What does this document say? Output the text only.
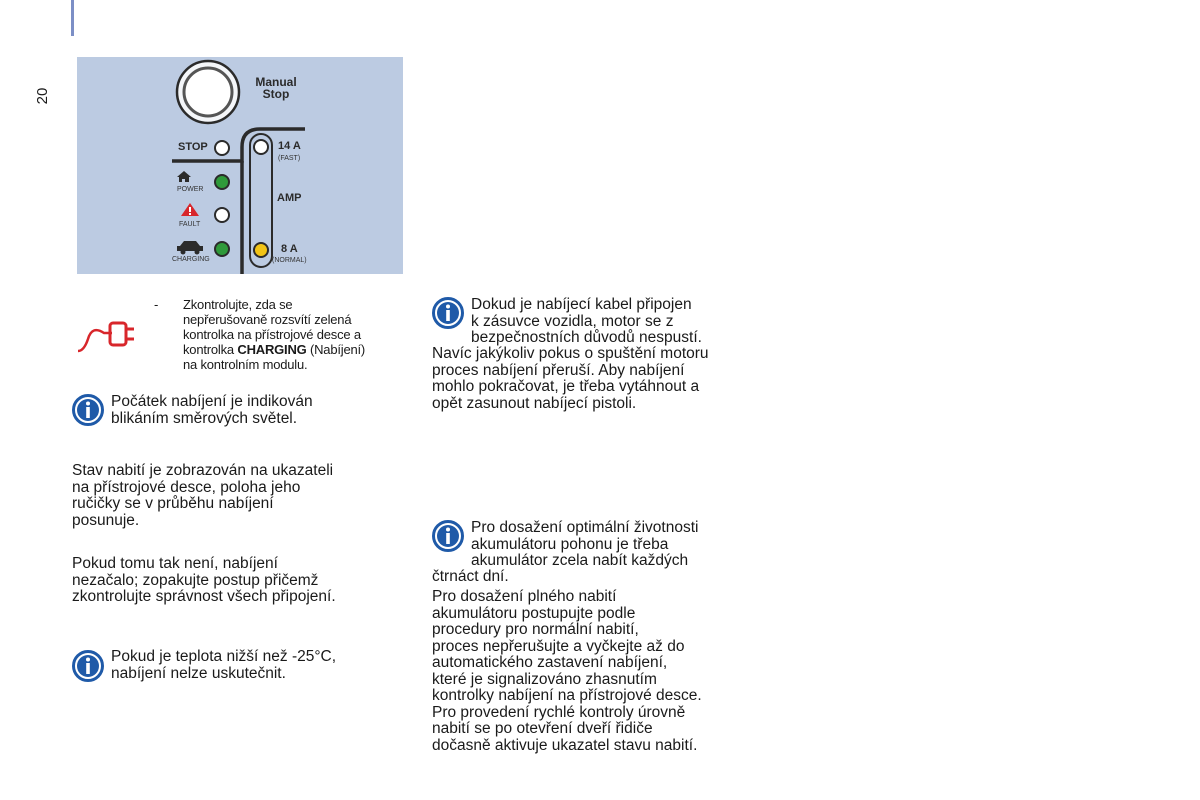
20
Manual
Stop
STOP
POWER
FAULT
CHARGING
14 A
(FAST)
AMP
8 A
(NORMAL)
- Zkontrolujte, zda se
nepřerušovaně rozsvítí zelená
kontrolka na přístrojové desce a
kontrolka CHARGING (Nabíjení)
na kontrolním modulu.
Počátek nabíjení je indikován
blikáním směrových světel.
Stav nabití je zobrazován na ukazateli
na přístrojové desce, poloha jeho
ručičky se v průběhu nabíjení
posunuje.
Pokud tomu tak není, nabíjení
nezačalo; zopakujte postup přičemž
zkontrolujte správnost všech připojení.
Pokud je teplota nižší než -25°C,
nabíjení nelze uskutečnit.
Dokud je nabíjecí kabel připojen
k zásuvce vozidla, motor se z
bezpečnostních důvodů nespustí.
Navíc jakýkoliv pokus o spuštění motoru
proces nabíjení přeruší. Aby nabíjení
mohlo pokračovat, je třeba vytáhnout a
opět zasunout nabíjecí pistoli.
Pro dosažení optimální životnosti
akumulátoru pohonu je třeba
akumulátor zcela nabít každých
čtrnáct dní.
Pro dosažení plného nabití
akumulátoru postupujte podle
procedury pro normální nabití,
proces nepřerušujte a vyčkejte až do
automatického zastavení nabíjení,
které je signalizováno zhasnutím
kontrolky nabíjení na přístrojové desce.
Pro provedení rychlé kontroly úrovně
nabití se po otevření dveří řidiče
dočasně aktivuje ukazatel stavu nabití.
